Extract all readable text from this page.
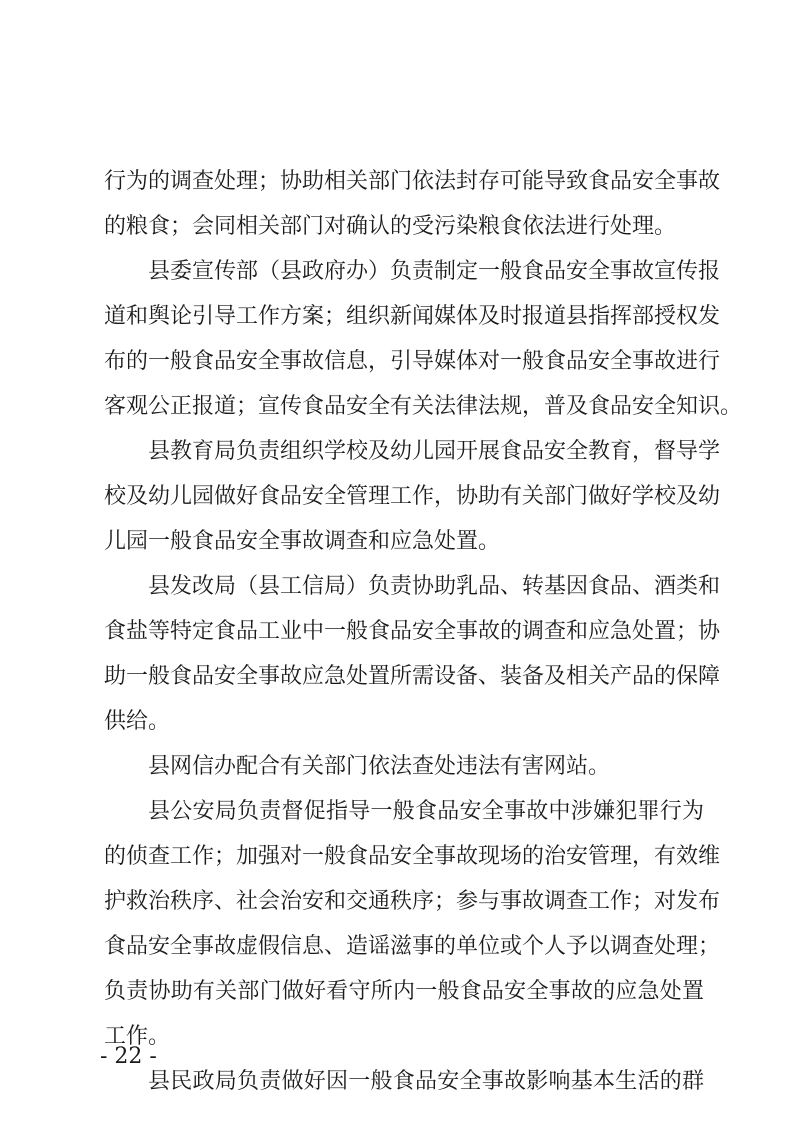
行为的调查处理；协助相关部门依法封存可能导致食品安全事故
的粮食；会同相关部门对确认的受污染粮食依法进行处理。
县委宣传部（县政府办）负责制定一般食品安全事故宣传报
道和舆论引导工作方案；组织新闻媒体及时报道县指挥部授权发
布的一般食品安全事故信息，引导媒体对一般食品安全事故进行
客观公正报道；宣传食品安全有关法律法规，普及食品安全知识。
县教育局负责组织学校及幼儿园开展食品安全教育，督导学
校及幼儿园做好食品安全管理工作，协助有关部门做好学校及幼
儿园一般食品安全事故调查和应急处置。
县发改局（县工信局）负责协助乳品、转基因食品、酒类和
食盐等特定食品工业中一般食品安全事故的调查和应急处置；协
助一般食品安全事故应急处置所需设备、装备及相关产品的保障
供给。
县网信办配合有关部门依法查处违法有害网站。
县公安局负责督促指导一般食品安全事故中涉嫌犯罪行为
的侦查工作；加强对一般食品安全事故现场的治安管理，有效维
护救治秩序、社会治安和交通秩序；参与事故调查工作；对发布
食品安全事故虚假信息、造谣滋事的单位或个人予以调查处理；
负责协助有关部门做好看守所内一般食品安全事故的应急处置
工作。
县民政局负责做好因一般食品安全事故影响基本生活的群
- 22 -
